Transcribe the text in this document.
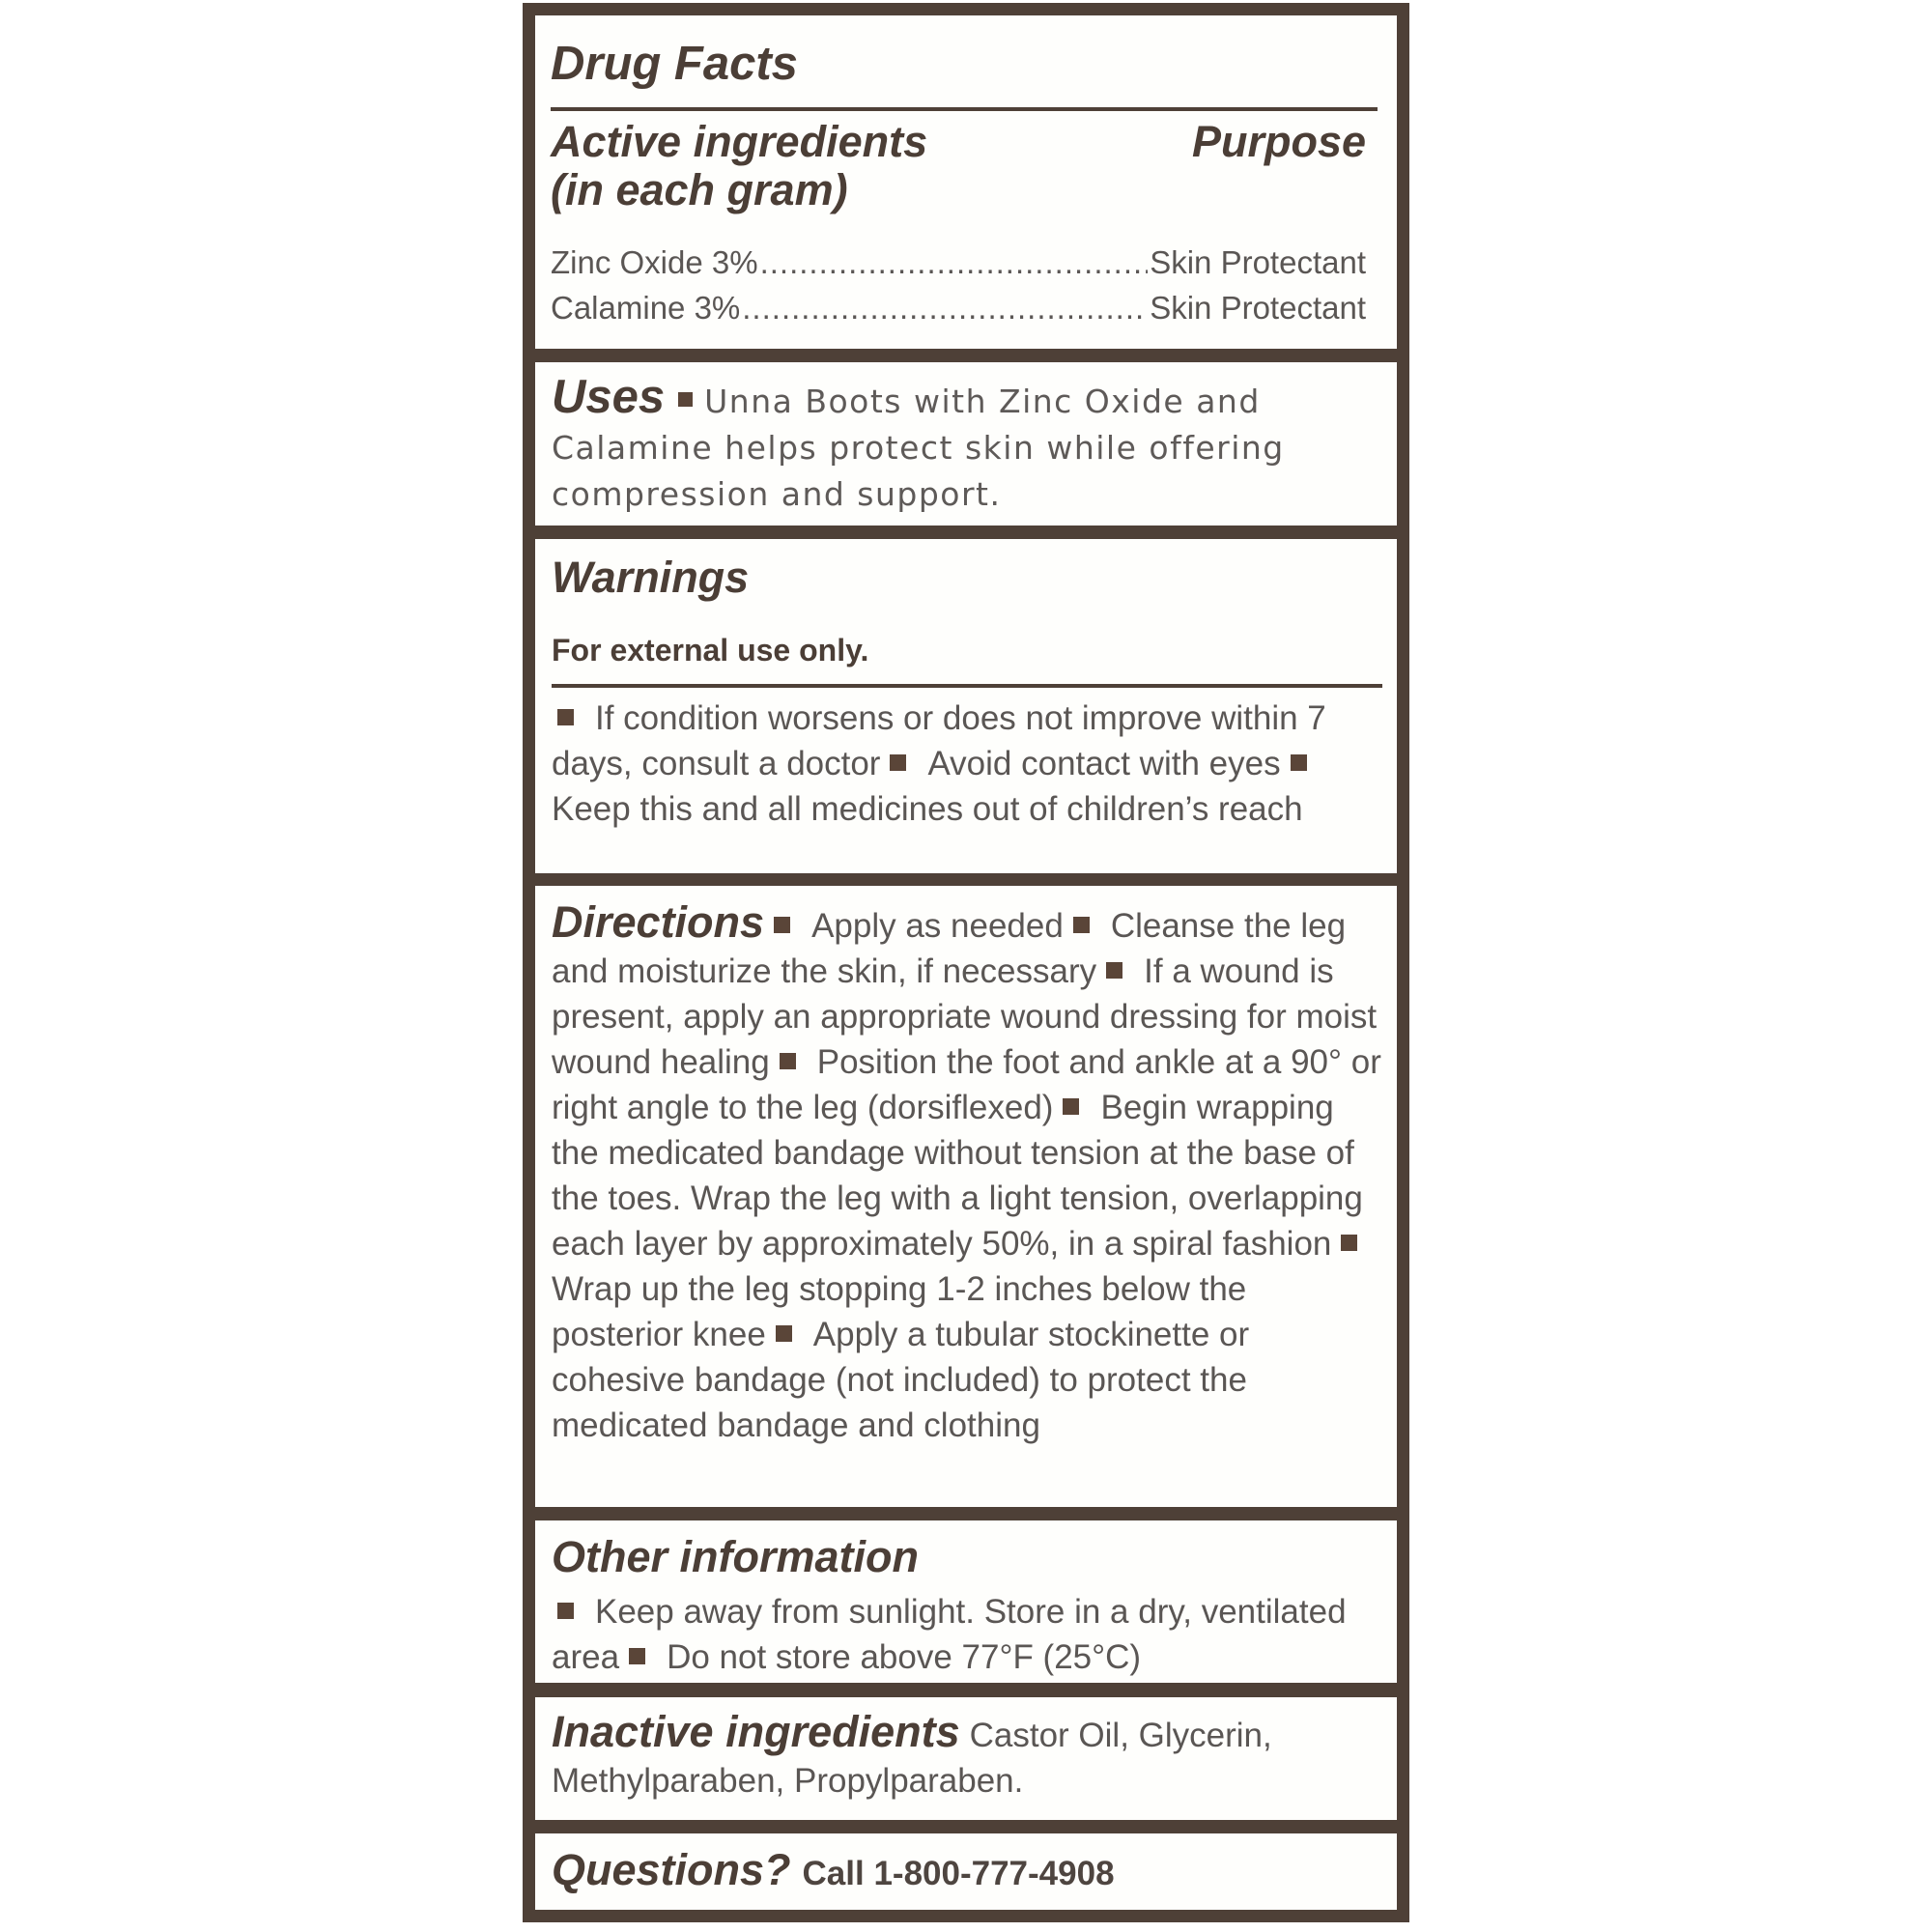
Drug Facts
Active ingredients
(in each gram)
Purpose
Zinc Oxide 3% .....	Skin Protectant
Calamine 3% .....	Skin Protectant
Uses Unna Boots with Zinc Oxide and Calamine helps protect skin while offering compression and support.
Warnings
For external use only.
If condition worsens or does not improve within 7 days, consult a doctor Avoid contact with eyesKeep this and all medicines out of children’s reach
Directions Apply as needed Cleanse the leg and moisturize the skin, if necessary If a wound is present, apply an appropriate wound dressing for moist wound healing Position the foot and ankle at a 90° or right angle to the leg (dorsiflexed) Begin wrapping the medicated bandage without tension at the base of the toes. Wrap the leg with a light tension, overlapping each layer by approximately 50%, in a spiral fashionWrap up the leg stopping 1-2 inches below the posterior knee Apply a tubular stockinette or cohesive bandage (not included) to protect the medicated bandage and clothing
Other information
Keep away from sunlight. Store in a dry, ventilated area Do not store above 77°F (25°C)
Inactive ingredients Castor Oil, Glycerin, Methylparaben, Propylparaben.
Questions? Call 1-800-777-4908
